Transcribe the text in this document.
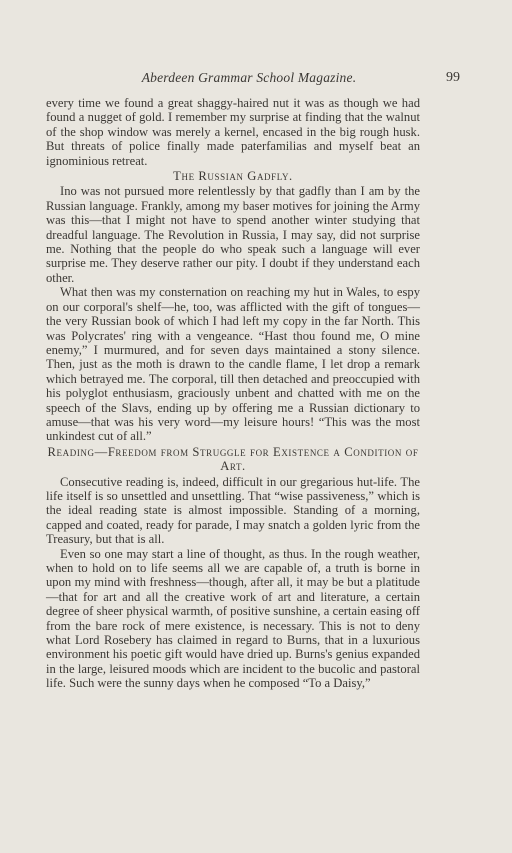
Aberdeen Grammar School Magazine.	99

every time we found a great shaggy-haired nut it was as though we had found a nugget of gold. I remember my surprise at finding that the walnut of the shop window was merely a kernel, encased in the big rough husk. But threats of police finally made paterfamilias and myself beat an ignominious retreat.

The Russian Gadfly.

Ino was not pursued more relentlessly by that gadfly than I am by the Russian language. Frankly, among my baser motives for joining the Army was this—that I might not have to spend another winter studying that dreadful language. The Revolution in Russia, I may say, did not surprise me. Nothing that the people do who speak such a language will ever surprise me. They deserve rather our pity. I doubt if they understand each other.

What then was my consternation on reaching my hut in Wales, to espy on our corporal's shelf—he, too, was afflicted with the gift of tongues—the very Russian book of which I had left my copy in the far North. This was Polycrates' ring with a vengeance. “Hast thou found me, O mine enemy,” I murmured, and for seven days maintained a stony silence. Then, just as the moth is drawn to the candle flame, I let drop a remark which betrayed me. The corporal, till then detached and preoccupied with his polyglot enthusiasm, graciously unbent and chatted with me on the speech of the Slavs, ending up by offering me a Russian dictionary to amuse—that was his very word—my leisure hours! “This was the most unkindest cut of all.”

Reading—Freedom from Struggle for Existence a Condition of Art.

Consecutive reading is, indeed, difficult in our gregarious hut-life. The life itself is so unsettled and unsettling. That “wise passiveness,” which is the ideal reading state is almost impossible. Standing of a morning, capped and coated, ready for parade, I may snatch a golden lyric from the Treasury, but that is all.

Even so one may start a line of thought, as thus. In the rough weather, when to hold on to life seems all we are capable of, a truth is borne in upon my mind with freshness—though, after all, it may be but a platitude—that for art and all the creative work of art and literature, a certain degree of sheer physical warmth, of positive sunshine, a certain easing off from the bare rock of mere existence, is necessary. This is not to deny what Lord Rosebery has claimed in regard to Burns, that in a luxurious environment his poetic gift would have dried up. Burns's genius expanded in the large, leisured moods which are incident to the bucolic and pastoral life. Such were the sunny days when he composed “To a Daisy,”
